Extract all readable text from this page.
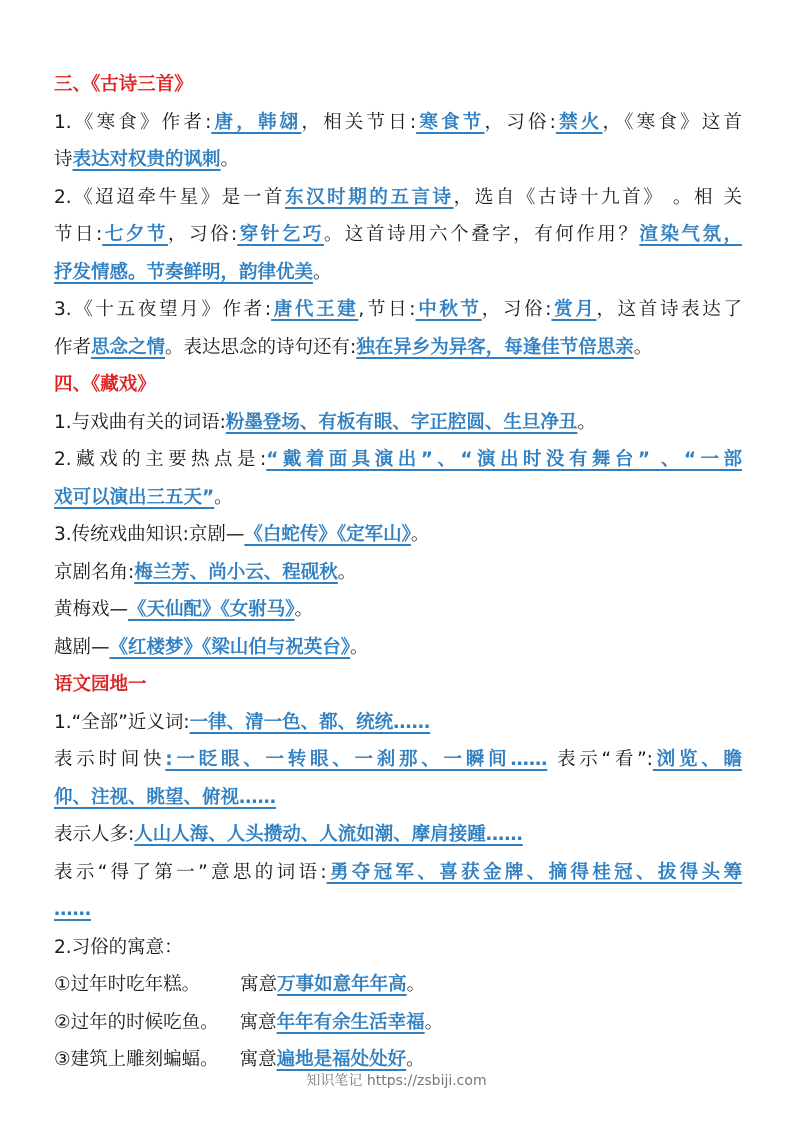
三、《古诗三首》
1.《寒食》作者:唐，韩翃，相关节日:寒食节，习俗:禁火，《寒食》这首
诗表达对权贵的讽刺。
2.《迢迢牵牛星》是一首东汉时期的五言诗，选自《古诗十九首》 。相 关
节日:七夕节，习俗:穿针乞巧。这首诗用六个叠字，有何作用？渲染气氛，
抒发情感。节奏鲜明，韵律优美。
3.《十五夜望月》作者:唐代王建,节日:中秋节，习俗:赏月，这首诗表达了
作者思念之情。表达思念的诗句还有:独在异乡为异客，每逢佳节倍思亲。
四、《藏戏》
1.与戏曲有关的词语:粉墨登场、有板有眼、字正腔圆、生旦净丑。
2.藏戏的主要热点是:“戴着面具演出”、“演出时没有舞台” 、“一部
戏可以演出三五天”。
3.传统戏曲知识:京剧—《白蛇传》《定军山》。
京剧名角:梅兰芳、尚小云、程砚秋。
黄梅戏—《天仙配》《女驸马》。
越剧—《红楼梦》《梁山伯与祝英台》。
语文园地一
1.“全部”近义词:一律、清一色、都、统统……
表示时间快:一眨眼、一转眼、一刹那、一瞬间…… 表示“看”:浏览、瞻
仰、注视、眺望、俯视……
表示人多:人山人海、人头攒动、人流如潮、摩肩接踵……
表示“得了第一”意思的词语:勇夺冠军、喜获金牌、摘得桂冠、拔得头筹
……
2.习俗的寓意：
①过年时吃年糕。 寓意万事如意年年高。
②过年的时候吃鱼。 寓意年年有余生活幸福。
③建筑上雕刻蝙蝠。 寓意遍地是福处处好。
知识笔记 https://zsbiji.com
